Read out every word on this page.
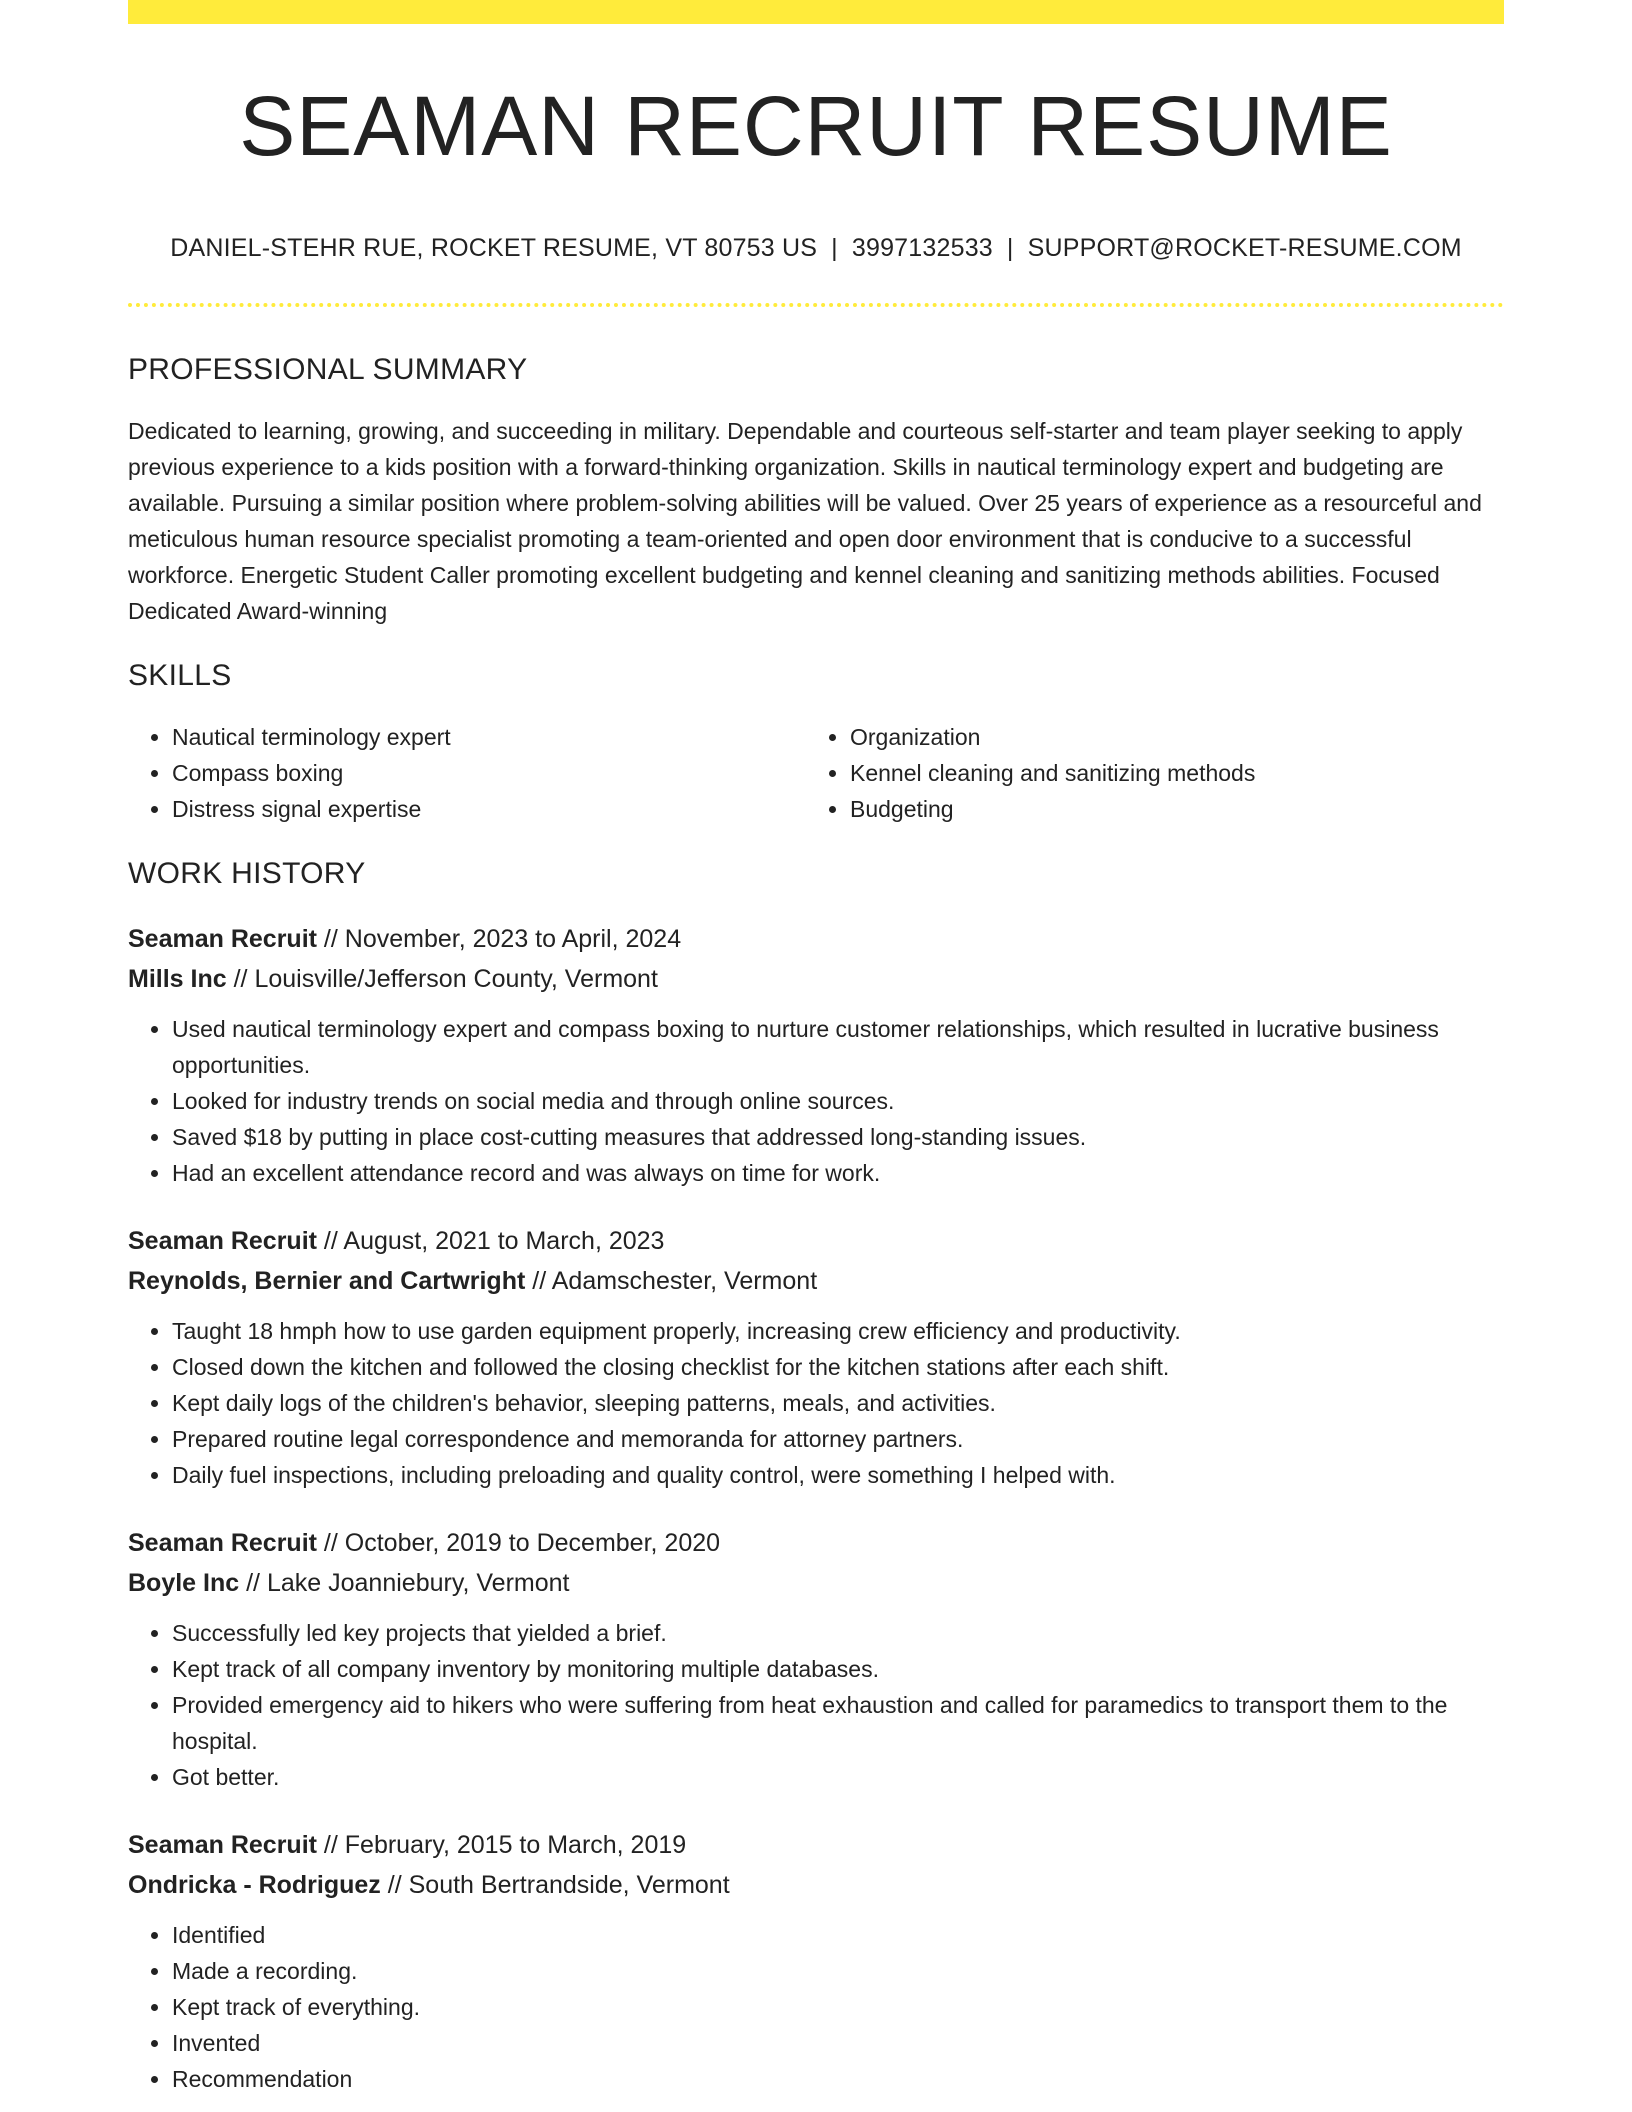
SEAMAN RECRUIT RESUME
DANIEL-STEHR RUE, ROCKET RESUME, VT 80753 US | 3997132533 | SUPPORT@ROCKET-RESUME.COM
PROFESSIONAL SUMMARY

Dedicated to learning, growing, and succeeding in military. Dependable and courteous self-starter and team player seeking to apply previous experience to a kids position with a forward-thinking organization. Skills in nautical terminology expert and budgeting are available. Pursuing a similar position where problem-solving abilities will be valued. Over 25 years of experience as a resourceful and meticulous human resource specialist promoting a team-oriented and open door environment that is conducive to a successful workforce. Energetic Student Caller promoting excellent budgeting and kennel cleaning and sanitizing methods abilities. Focused Dedicated Award-winning

SKILLS
• Nautical terminology expert
• Compass boxing
• Distress signal expertise
• Organization
• Kennel cleaning and sanitizing methods
• Budgeting
WORK HISTORY
Seaman Recruit // November, 2023 to April, 2024
Mills Inc // Louisville/Jefferson County, Vermont
• Used nautical terminology expert and compass boxing to nurture customer relationships, which resulted in lucrative business opportunities.
• Looked for industry trends on social media and through online sources.
• Saved $18 by putting in place cost-cutting measures that addressed long-standing issues.
• Had an excellent attendance record and was always on time for work.
Seaman Recruit // August, 2021 to March, 2023
Reynolds, Bernier and Cartwright // Adamschester, Vermont
• Taught 18 hmph how to use garden equipment properly, increasing crew efficiency and productivity.
• Closed down the kitchen and followed the closing checklist for the kitchen stations after each shift.
• Kept daily logs of the children's behavior, sleeping patterns, meals, and activities.
• Prepared routine legal correspondence and memoranda for attorney partners.
• Daily fuel inspections, including preloading and quality control, were something I helped with.
Seaman Recruit // October, 2019 to December, 2020
Boyle Inc // Lake Joanniebury, Vermont
• Successfully led key projects that yielded a brief.
• Kept track of all company inventory by monitoring multiple databases.
• Provided emergency aid to hikers who were suffering from heat exhaustion and called for paramedics to transport them to the hospital.
• Got better.
Seaman Recruit // February, 2015 to March, 2019
Ondricka - Rodriguez // South Bertrandside, Vermont
• Identified
• Made a recording.
• Kept track of everything.
• Invented
• Recommendation
